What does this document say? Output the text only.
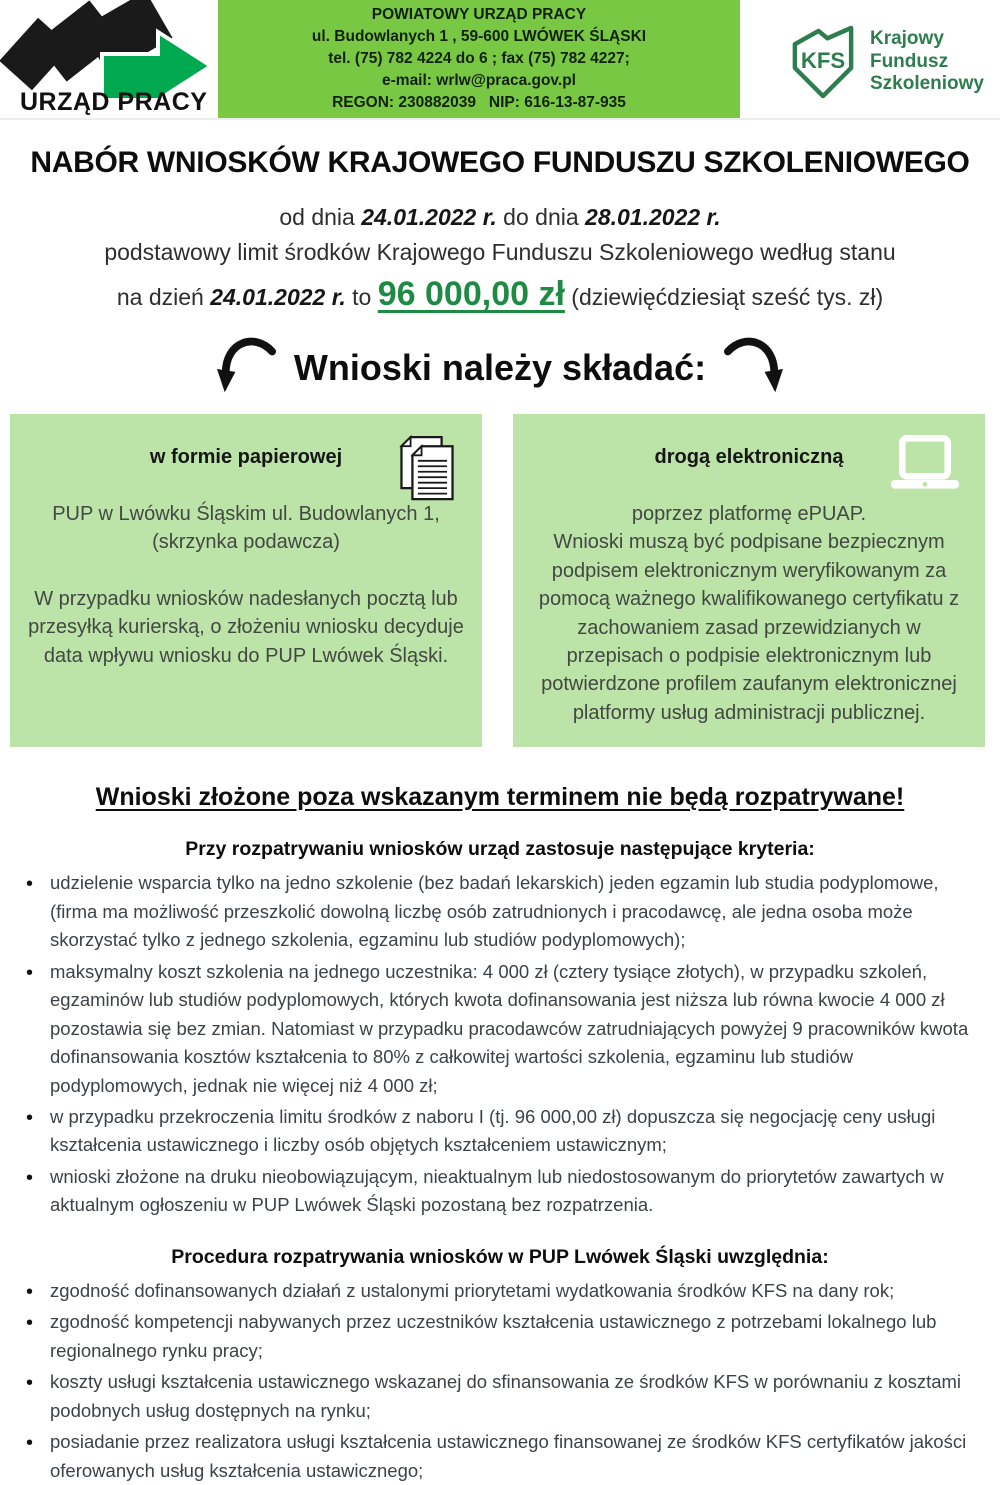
URZĄD PRACY
POWIATOWY URZĄD PRACY
ul. Budowlanych 1 , 59-600 LWÓWEK ŚLĄSKI
tel. (75) 782 4224 do 6 ; fax (75) 782 4227;
e-mail: wrlw@praca.gov.pl
REGON: 230882039 NIP: 616-13-87-935
KFS
Krajowy
Fundusz
Szkoleniowy
NABÓR WNIOSKÓW KRAJOWEGO FUNDUSZU SZKOLENIOWEGO
od dnia 24.01.2022 r. do dnia 28.01.2022 r.
podstawowy limit środków Krajowego Funduszu Szkoleniowego według stanu
na dzień 24.01.2022 r. to 96 000,00 zł (dziewięćdziesiąt sześć tys. zł)
Wnioski należy składać:
w formie papierowej

PUP w Lwówku Śląskim ul. Budowlanych 1, (skrzynka podawcza)

W przypadku wniosków nadesłanych pocztą lub przesyłką kurierską, o złożeniu wniosku decyduje data wpływu wniosku do PUP Lwówek Śląski.

drogą elektroniczną

poprzez platformę ePUAP.

Wnioski muszą być podpisane bezpiecznym podpisem elektronicznym weryfikowanym za pomocą ważnego kwalifikowanego certyfikatu z zachowaniem zasad przewidzianych w przepisach o podpisie elektronicznym lub potwierdzone profilem zaufanym elektronicznej platformy usług administracji publicznej.

Wnioski złożone poza wskazanym terminem nie będą rozpatrywane!
Przy rozpatrywaniu wniosków urząd zastosuje następujące kryteria:
• udzielenie wsparcia tylko na jedno szkolenie (bez badań lekarskich) jeden egzamin lub studia podyplomowe, (firma ma możliwość przeszkolić dowolną liczbę osób zatrudnionych i pracodawcę, ale jedna osoba może skorzystać tylko z jednego szkolenia, egzaminu lub studiów podyplomowych);
• maksymalny koszt szkolenia na jednego uczestnika: 4 000 zł (cztery tysiące złotych), w przypadku szkoleń, egzaminów lub studiów podyplomowych, których kwota dofinansowania jest niższa lub równa kwocie 4 000 zł pozostawia się bez zmian. Natomiast w przypadku pracodawców zatrudniających powyżej 9 pracowników kwota dofinansowania kosztów kształcenia to 80% z całkowitej wartości szkolenia, egzaminu lub studiów podyplomowych, jednak nie więcej niż 4 000 zł;
• w przypadku przekroczenia limitu środków z naboru I (tj. 96 000,00 zł) dopuszcza się negocjację ceny usługi kształcenia ustawicznego i liczby osób objętych kształceniem ustawicznym;
• wnioski złożone na druku nieobowiązującym, nieaktualnym lub niedostosowanym do priorytetów zawartych w aktualnym ogłoszeniu w PUP Lwówek Śląski pozostaną bez rozpatrzenia.
Procedura rozpatrywania wniosków w PUP Lwówek Śląski uwzględnia:
• zgodność dofinansowanych działań z ustalonymi priorytetami wydatkowania środków KFS na dany rok;
• zgodność kompetencji nabywanych przez uczestników kształcenia ustawicznego z potrzebami lokalnego lub regionalnego rynku pracy;
• koszty usługi kształcenia ustawicznego wskazanej do sfinansowania ze środków KFS w porównaniu z kosztami podobnych usług dostępnych na rynku;
• posiadanie przez realizatora usługi kształcenia ustawicznego finansowanej ze środków KFS certyfikatów jakości oferowanych usług kształcenia ustawicznego;
